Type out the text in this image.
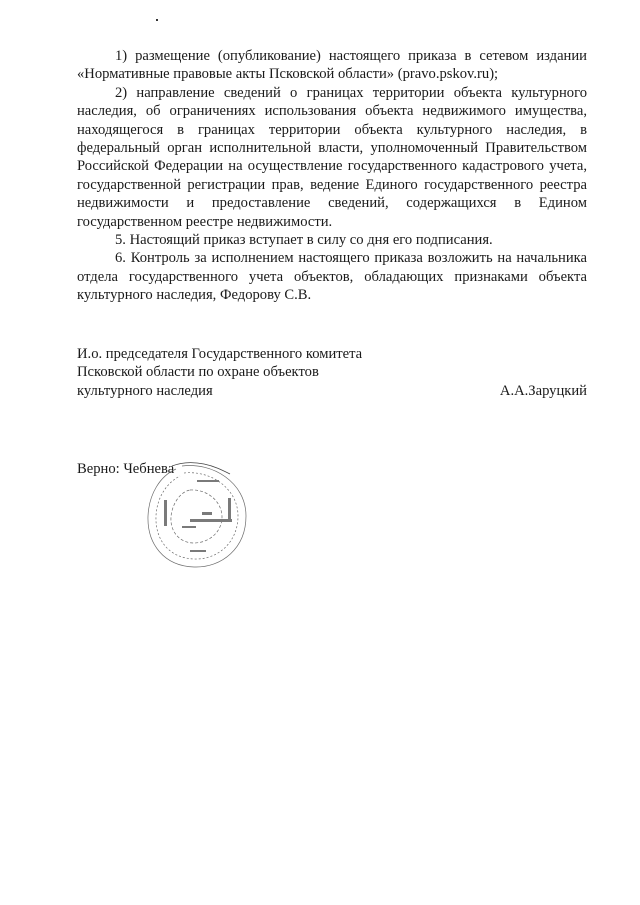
1) размещение (опубликование) настоящего приказа в сетевом издании «Нормативные правовые акты Псковской области» (pravo.pskov.ru);

2) направление сведений о границах территории объекта культурного наследия, об ограничениях использования объекта недвижимого имущества, находящегося в границах территории объекта культурного наследия, в федеральный орган исполнительной власти, уполномоченный Правительством Российской Федерации на осуществление государственного кадастрового учета, государственной регистрации прав, ведение Единого государственного реестра недвижимости и предоставление сведений, содержащихся в Едином государственном реестре недвижимости.

5. Настоящий приказ вступает в силу со дня его подписания.

6. Контроль за исполнением настоящего приказа возложить на начальника отдела государственного учета объектов, обладающих признаками объекта культурного наследия, Федорову С.В.

И.о. председателя Государственного комитета
Псковской области по охране объектов
культурного наследия	А.А.Заруцкий
Верно: Чебнева
